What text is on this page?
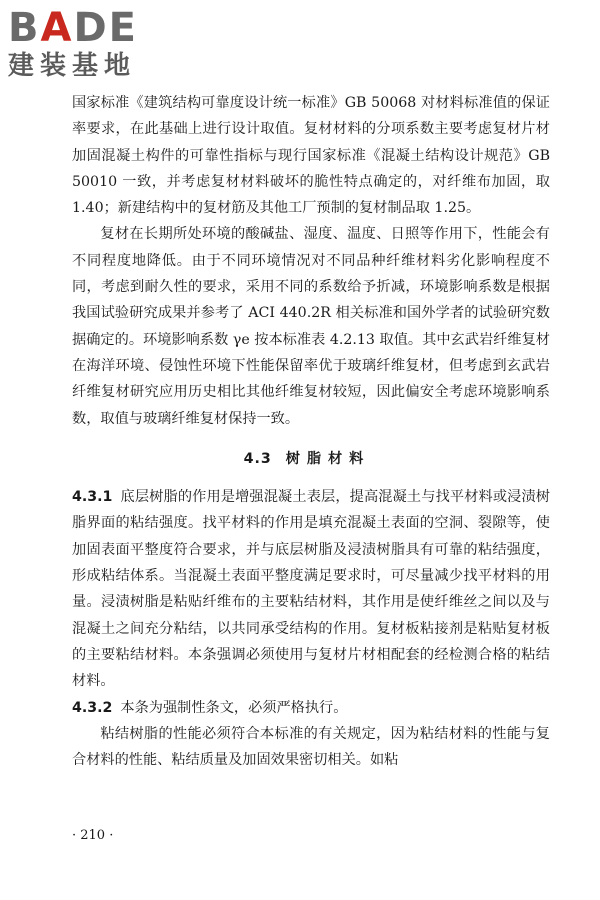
BADE
建装基地

国家标准《建筑结构可靠度设计统一标准》GB 50068 对材料标准值的保证率要求，在此基础上进行设计取值。复材材料的分项系数主要考虑复材片材加固混凝土构件的可靠性指标与现行国家标准《混凝土结构设计规范》GB 50010 一致，并考虑复材材料破坏的脆性特点确定的，对纤维布加固，取 1.40；新建结构中的复材筋及其他工厂预制的复材制品取 1.25。

复材在长期所处环境的酸碱盐、湿度、温度、日照等作用下，性能会有不同程度地降低。由于不同环境情况对不同品种纤维材料劣化影响程度不同，考虑到耐久性的要求，采用不同的系数给予折减，环境影响系数是根据我国试验研究成果并参考了 ACI 440.2R 相关标准和国外学者的试验研究数据确定的。环境影响系数 γe 按本标准表 4.2.13 取值。其中玄武岩纤维复材在海洋环境、侵蚀性环境下性能保留率优于玻璃纤维复材，但考虑到玄武岩纤维复材研究应用历史相比其他纤维复材较短，因此偏安全考虑环境影响系数，取值与玻璃纤维复材保持一致。

4.3 树 脂 材 料

4.3.1 底层树脂的作用是增强混凝土表层，提高混凝土与找平材料或浸渍树脂界面的粘结强度。找平材料的作用是填充混凝土表面的空洞、裂隙等，使加固表面平整度符合要求，并与底层树脂及浸渍树脂具有可靠的粘结强度，形成粘结体系。当混凝土表面平整度满足要求时，可尽量减少找平材料的用量。浸渍树脂是粘贴纤维布的主要粘结材料，其作用是使纤维丝之间以及与混凝土之间充分粘结，以共同承受结构的作用。复材板粘接剂是粘贴复材板的主要粘结材料。本条强调必须使用与复材片材相配套的经检测合格的粘结材料。

4.3.2 本条为强制性条文，必须严格执行。

粘结树脂的性能必须符合本标准的有关规定，因为粘结材料的性能与复合材料的性能、粘结质量及加固效果密切相关。如粘

· 210 ·
